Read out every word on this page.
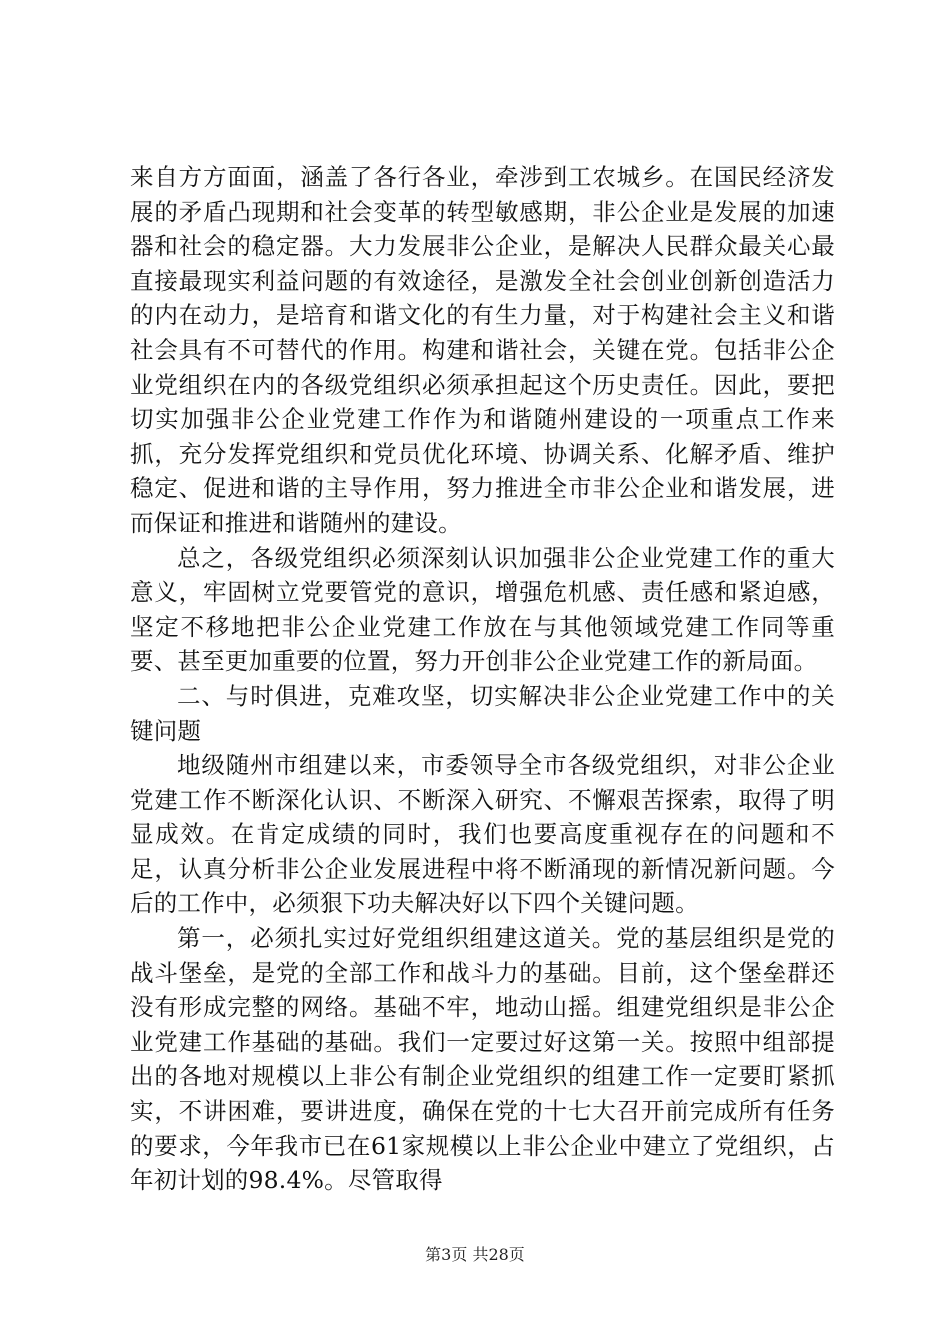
来自方方面面，涵盖了各行各业，牵涉到工农城乡。在国民经济发展的矛盾凸现期和社会变革的转型敏感期，非公企业是发展的加速器和社会的稳定器。大力发展非公企业，是解决人民群众最关心最直接最现实利益问题的有效途径，是激发全社会创业创新创造活力的内在动力，是培育和谐文化的有生力量，对于构建社会主义和谐社会具有不可替代的作用。构建和谐社会，关键在党。包括非公企业党组织在内的各级党组织必须承担起这个历史责任。因此，要把切实加强非公企业党建工作作为和谐随州建设的一项重点工作来抓，充分发挥党组织和党员优化环境、协调关系、化解矛盾、维护稳定、促进和谐的主导作用，努力推进全市非公企业和谐发展，进而保证和推进和谐随州的建设。

总之，各级党组织必须深刻认识加强非公企业党建工作的重大意义，牢固树立党要管党的意识，增强危机感、责任感和紧迫感，坚定不移地把非公企业党建工作放在与其他领域党建工作同等重要、甚至更加重要的位置，努力开创非公企业党建工作的新局面。

二、与时俱进，克难攻坚，切实解决非公企业党建工作中的关键问题

地级随州市组建以来，市委领导全市各级党组织，对非公企业党建工作不断深化认识、不断深入研究、不懈艰苦探索，取得了明显成效。在肯定成绩的同时，我们也要高度重视存在的问题和不足，认真分析非公企业发展进程中将不断涌现的新情况新问题。今后的工作中，必须狠下功夫解决好以下四个关键问题。

第一，必须扎实过好党组织组建这道关。党的基层组织是党的战斗堡垒，是党的全部工作和战斗力的基础。目前，这个堡垒群还没有形成完整的网络。基础不牢，地动山摇。组建党组织是非公企业党建工作基础的基础。我们一定要过好这第一关。按照中组部提出的各地对规模以上非公有制企业党组织的组建工作一定要盯紧抓实，不讲困难，要讲进度，确保在党的十七大召开前完成所有任务的要求，今年我市已在61家规模以上非公企业中建立了党组织，占年初计划的98.4%。尽管取得

第3页 共28页
